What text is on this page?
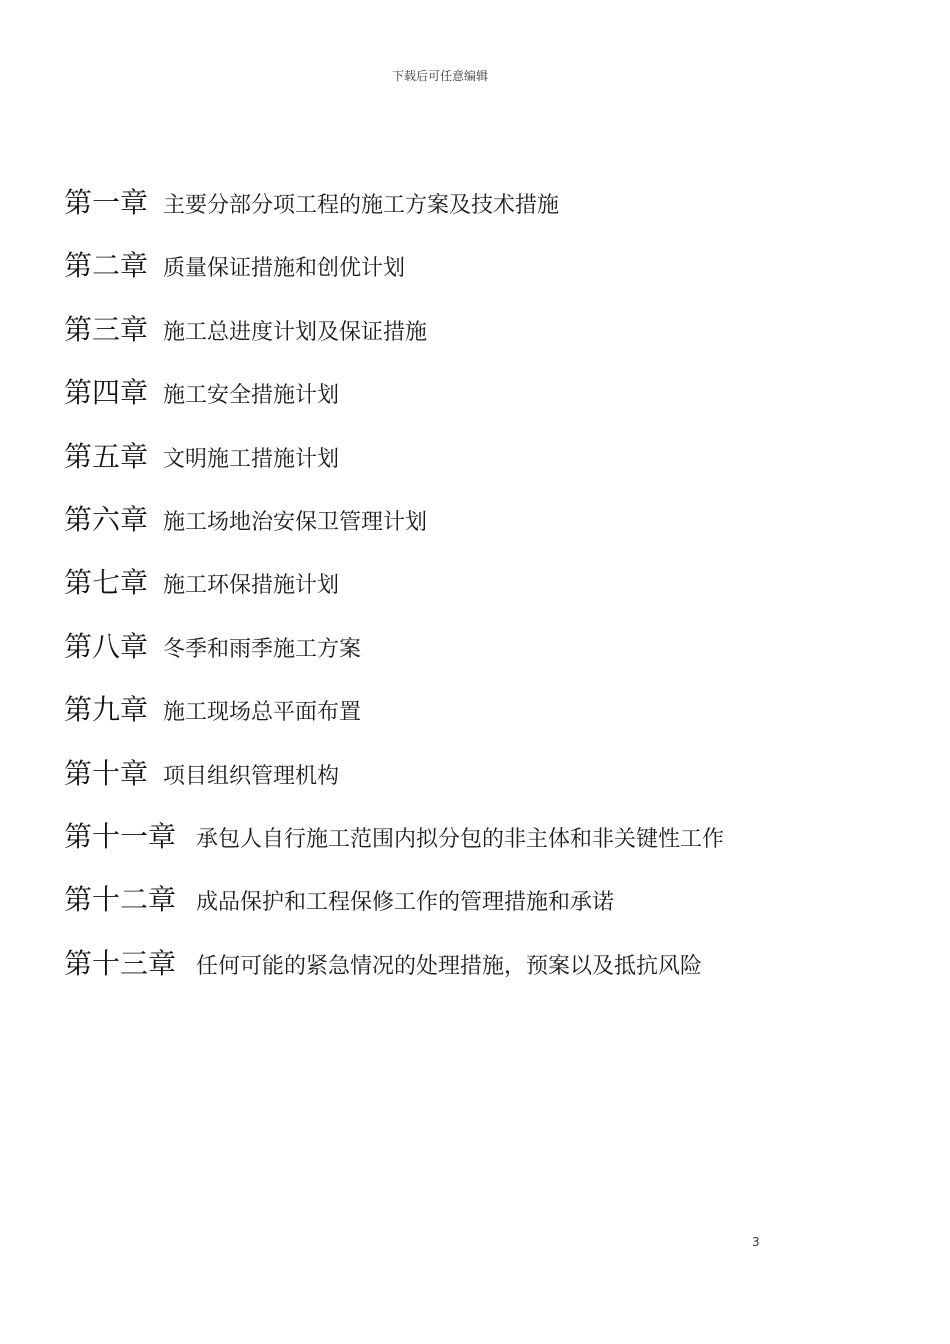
下载后可任意编辑
第一章 主要分部分项工程的施工方案及技术措施
第二章 质量保证措施和创优计划
第三章 施工总进度计划及保证措施
第四章 施工安全措施计划
第五章 文明施工措施计划
第六章 施工场地治安保卫管理计划
第七章 施工环保措施计划
第八章 冬季和雨季施工方案
第九章 施工现场总平面布置
第十章 项目组织管理机构
第十一章 承包人自行施工范围内拟分包的非主体和非关键性工作
第十二章 成品保护和工程保修工作的管理措施和承诺
第十三章 任何可能的紧急情况的处理措施，预案以及抵抗风险
3
